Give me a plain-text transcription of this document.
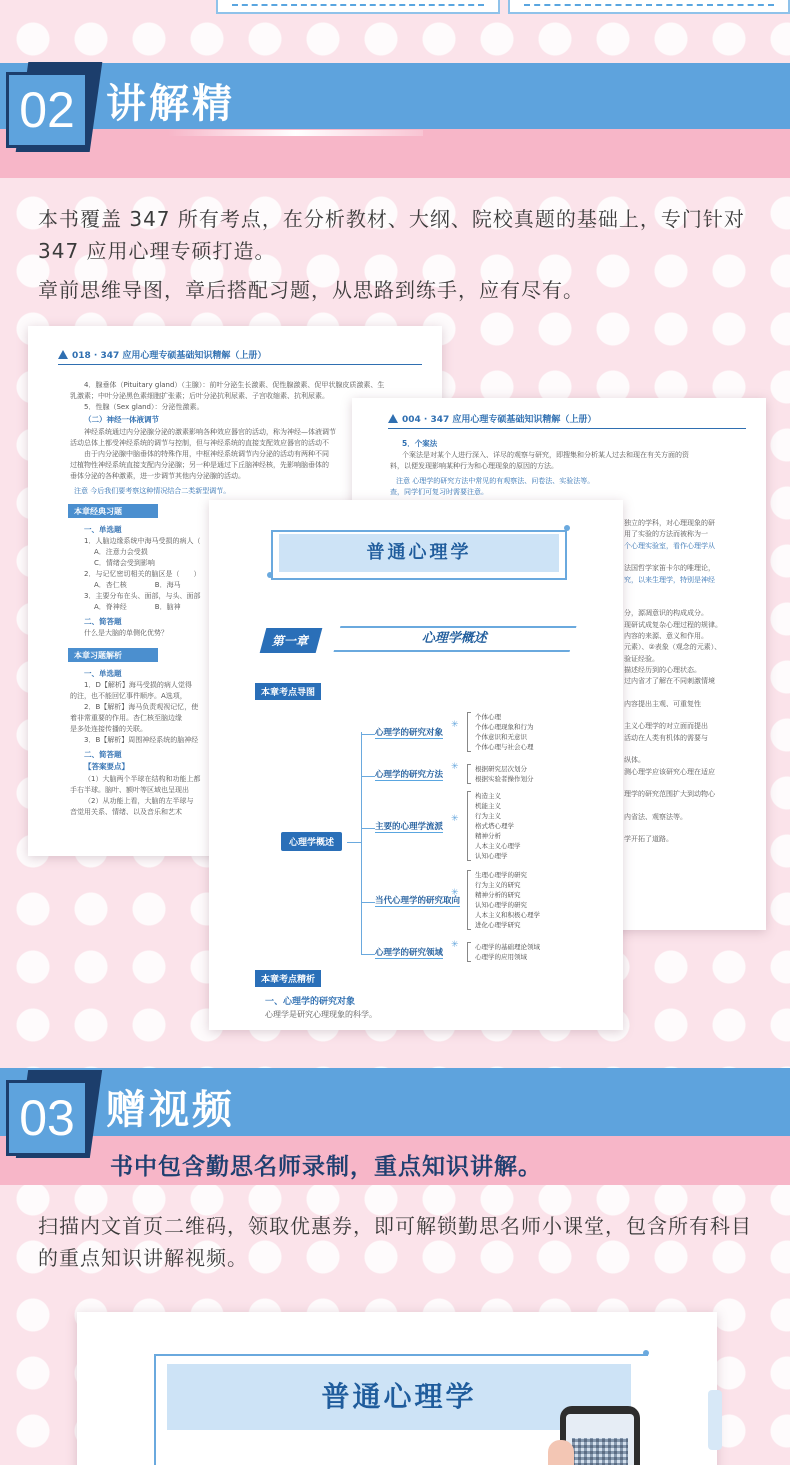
02 讲解精
本书覆盖 347 所有考点，在分析教材、大纲、院校真题的基础上，专门针对 347 应用心理专硕打造。
章前思维导图，章后搭配习题，从思路到练手，应有尽有。
018 · 347 应用心理专硕基础知识精解（上册）
4．腺垂体（Pituitary gland）（主腺）：前叶分泌生长激素、促性腺激素、促甲状腺皮质激素、生
乳激素；中叶分泌黑色素细胞扩张素；后叶分泌抗利尿素、子宫收缩素、抗利尿素。
5．性腺（Sex gland）：分泌性激素。
（二）神经一体液调节
神经系统通过内分泌腺分泌的激素影响各种效应器官的活动，称为神经—体液调节
活动总体上都受神经系统的调节与控制，但与神经系统的直接支配效应器官的活动不
由于内分泌腺中脑垂体的特殊作用，中枢神经系统调节内分泌的活动有两种不同
过植物性神经系统直接支配内分泌腺；另一种是通过下丘脑神经核，先影响脑垂体的
垂体分泌的各种激素，进一步调节其他内分泌腺的活动。
注意 今后我们要考察这种情况结合二类新型调节。
本章经典习题
一、单选题
1．人脑边缘系统中海马受损的病人（
A．注意力会受损
C．情绪会受到影响
2．与记忆密切相关的脑区是（　　）
A．杏仁核　　　　B．海马
3．主要分布在头、面部，与头、面部
A．脊神经　　　　B．脑神
二、简答题
什么是大脑的单侧化优势？
本章习题解析
一、单选题
1．D【解析】海马受损的病人觉得
的注，也不能回忆事件顺序。A选项，
2．B【解析】海马负责观视记忆，使
着非常重要的作用。杏仁核至脑边缘
是多处连接传播的关联。
3．B【解析】周围神经系统的脑神经
二、简答题
【答案要点】
（1）大脑两个半球在结构和功能上都
手右半球。脑叶、额叶等区域也呈现出
（2）从功能上看，大脑的左半球与
音觉用关系、情绪、以及音乐和艺术
004 · 347 应用心理专硕基础知识精解（上册）
5．个案法
个案法是对某个人进行深入、详尽的观察与研究，即搜集和分析某人过去和现在有关方面的资
料，以便发现影响某种行为和心理现象的原因的方法。
注意 心理学的研究方法中常见的有观察法、问卷法、实验法等。
查，同学们可复习时需要注意。
独立的学科，对心理现象的研
用了实验的方法而被称为一
个心理实验室，看作心理学从
法国哲学家笛卡尔的唯理论，
究，以来生理学，特别是神经
分，源凋意识的构成成分。
现研试成复杂心理过程的规律。
内容的来源、意义和作用。
元素）、②表象（观念的元素）、
验证经验。
描述经历到的心理状态。
过内省才了解在不同刺激情境
内容提出主观、可重复性
主义心理学的对立面而提出
活动在人类有机体的需要与
纵体。
测心理学应该研究心理在适应
理学的研究范围扩大到动物心
内省法、观察法等。
学开拓了道路。
普通心理学
第一章	心理学概述
本章考点导图
心理学概述
心理学的研究对象
✳
个体心理
个体心理现象和行为
个体意识和无意识
个体心理与社会心理
心理学的研究方法
✳	根据研究层次划分
根据实验者操作划分
主要的心理学流派
✳
构造主义
机能主义
行为主义
格式塔心理学
精神分析
人本主义心理学
认知心理学
当代心理学的研究取向
✳
生理心理学的研究
行为主义的研究
精神分析的研究
认知心理学的研究
人本主义和积极心理学
进化心理学研究
心理学的研究领域
✳	心理学的基础理论领域
心理学的应用领域
本章考点精析
一、心理学的研究对象
心理学是研究心理现象的科学。
03 赠视频
书中包含勤思名师录制，重点知识讲解。
扫描内文首页二维码，领取优惠券，即可解锁勤思名师小课堂，包含所有科目的重点知识讲解视频。
普通心理学
